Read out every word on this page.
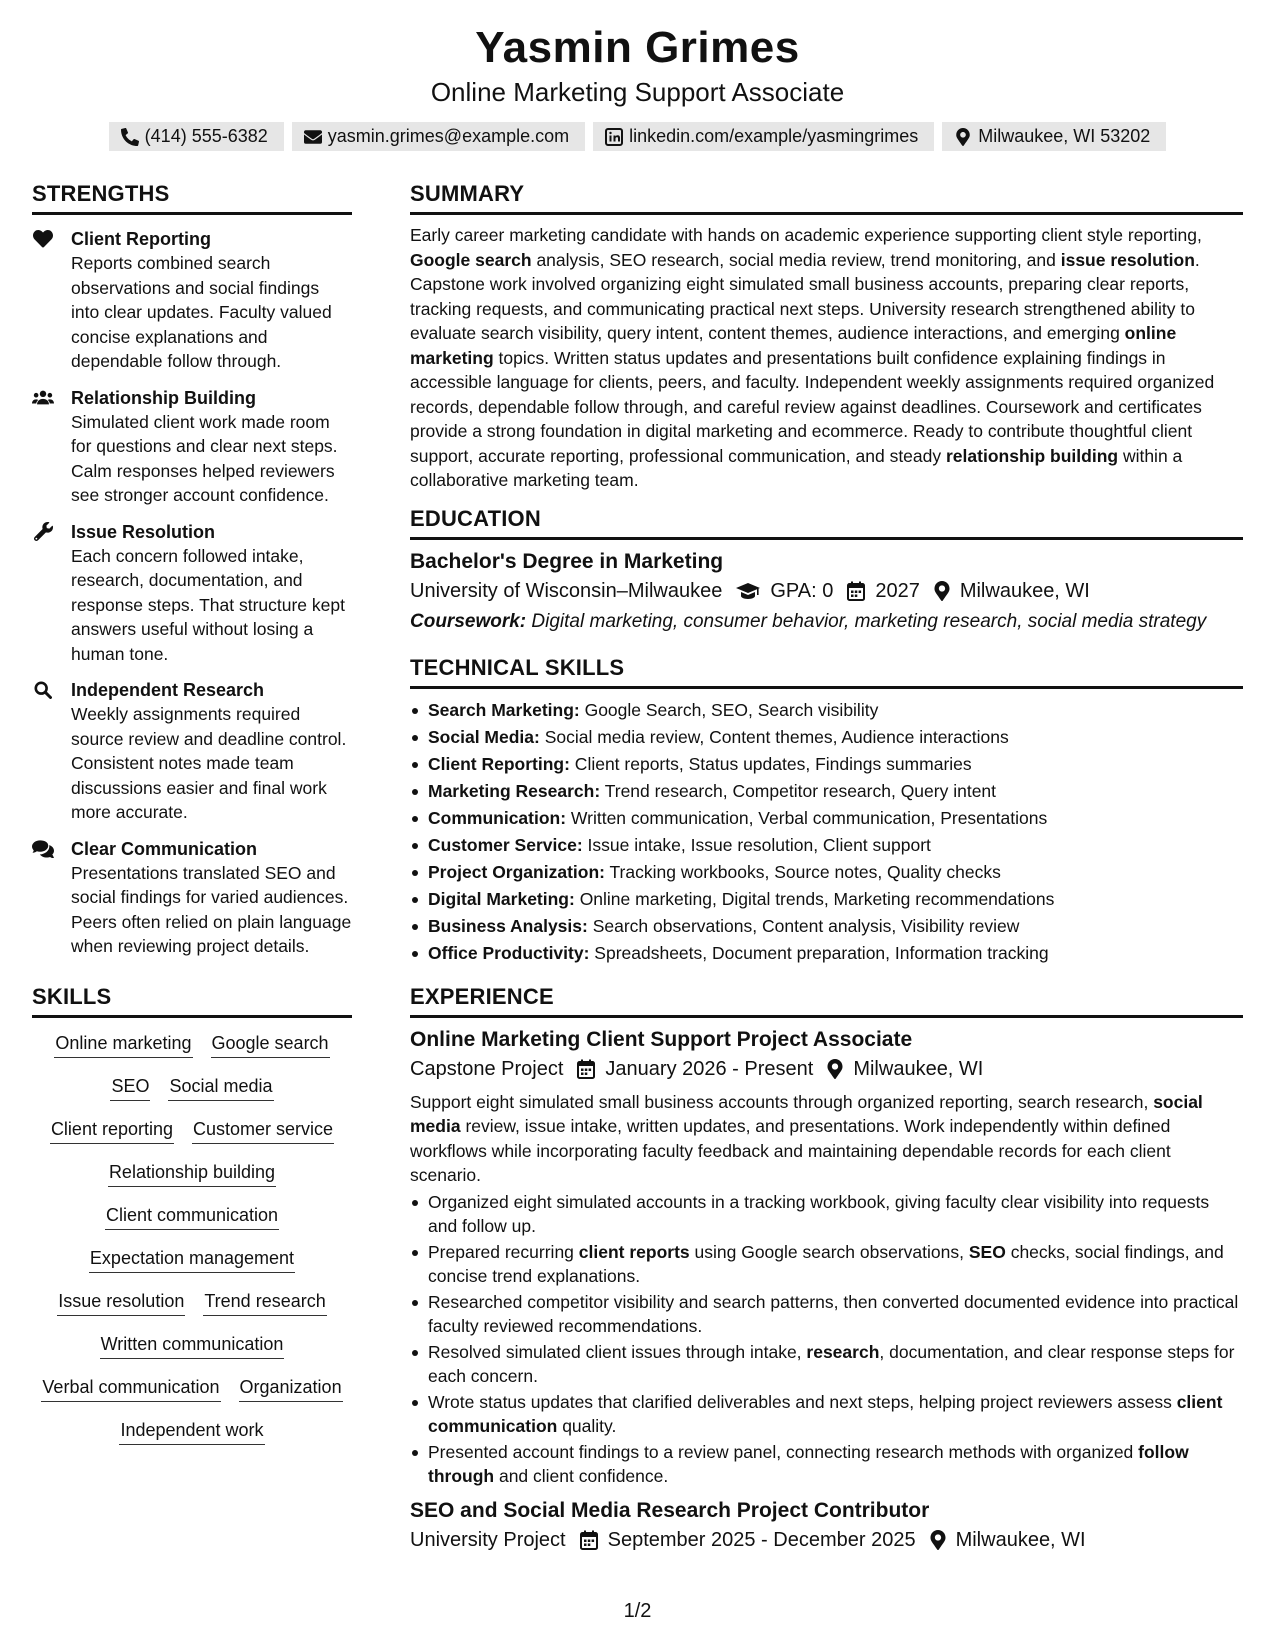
Yasmin Grimes
Online Marketing Support Associate
(414) 555-6382	yasmin.grimes@example.com	linkedin.com/example/yasmingrimes	Milwaukee, WI 53202
STRENGTHS
Client Reporting
Reports combined search observations and social findings into clear updates. Faculty valued concise explanations and dependable follow through.
Relationship Building
Simulated client work made room for questions and clear next steps. Calm responses helped reviewers see stronger account confidence.
Issue Resolution
Each concern followed intake, research, documentation, and response steps. That structure kept answers useful without losing a human tone.
Independent Research
Weekly assignments required source review and deadline control. Consistent notes made team discussions easier and final work more accurate.
Clear Communication
Presentations translated SEO and social findings for varied audiences. Peers often relied on plain language when reviewing project details.
SKILLS
Online marketing Google search
SEO Social media
Client reporting Customer service
Relationship building
Client communication
Expectation management
Issue resolution Trend research
Written communication
Verbal communication Organization
Independent work
SUMMARY

Early career marketing candidate with hands on academic experience supporting client style reporting, Google search analysis, SEO research, social media review, trend monitoring, and issue resolution. Capstone work involved organizing eight simulated small business accounts, preparing clear reports, tracking requests, and communicating practical next steps. University research strengthened ability to evaluate search visibility, query intent, content themes, audience interactions, and emerging online marketing topics. Written status updates and presentations built confidence explaining findings in accessible language for clients, peers, and faculty. Independent weekly assignments required organized records, dependable follow through, and careful review against deadlines. Coursework and certificates provide a strong foundation in digital marketing and ecommerce. Ready to contribute thoughtful client support, accurate reporting, professional communication, and steady relationship building within a collaborative marketing team.

EDUCATION
Bachelor's Degree in Marketing
University of Wisconsin–Milwaukee GPA: 0 2027 Milwaukee, WI
Coursework: Digital marketing, consumer behavior, marketing research, social media strategy
TECHNICAL SKILLS
Search Marketing: Google Search, SEO, Search visibility
Social Media: Social media review, Content themes, Audience interactions
Client Reporting: Client reports, Status updates, Findings summaries
Marketing Research: Trend research, Competitor research, Query intent
Communication: Written communication, Verbal communication, Presentations
Customer Service: Issue intake, Issue resolution, Client support
Project Organization: Tracking workbooks, Source notes, Quality checks
Digital Marketing: Online marketing, Digital trends, Marketing recommendations
Business Analysis: Search observations, Content analysis, Visibility review
Office Productivity: Spreadsheets, Document preparation, Information tracking
EXPERIENCE
Online Marketing Client Support Project Associate
Capstone Project January 2026 - Present Milwaukee, WI

Support eight simulated small business accounts through organized reporting, search research, social media review, issue intake, written updates, and presentations. Work independently within defined workflows while incorporating faculty feedback and maintaining dependable records for each client scenario.

Organized eight simulated accounts in a tracking workbook, giving faculty clear visibility into requests and follow up.
Prepared recurring client reports using Google search observations, SEO checks, social findings, and concise trend explanations.
Researched competitor visibility and search patterns, then converted documented evidence into practical faculty reviewed recommendations.
Resolved simulated client issues through intake, research, documentation, and clear response steps for each concern.
Wrote status updates that clarified deliverables and next steps, helping project reviewers assess client communication quality.
Presented account findings to a review panel, connecting research methods with organized follow through and client confidence.
SEO and Social Media Research Project Contributor
University Project September 2025 - December 2025 Milwaukee, WI
1/2
